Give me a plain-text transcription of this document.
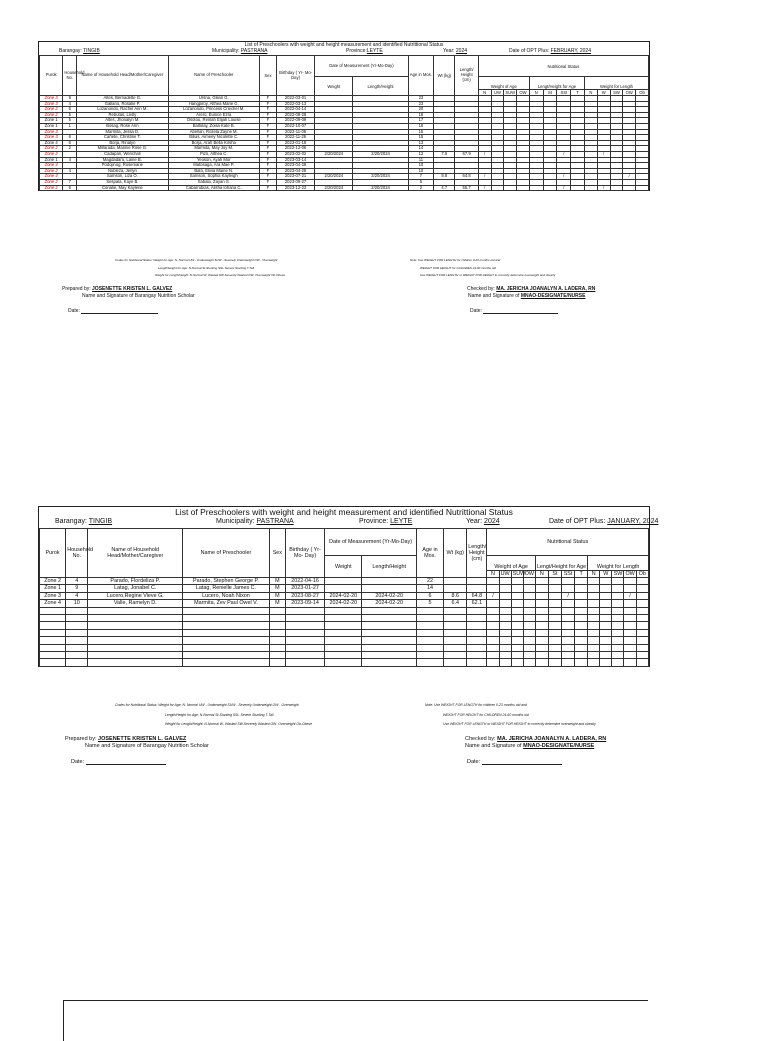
List of Preschoolers with weight and height measurement and identified Nutrittional Status
Barangay: TINGIB	Municipality: PASTRANA	Province:LEYTE	Year: 2024	Date of OPT Plus: FEBRUARY, 2024
Purok	Household No.	Name of Household Head/Mother/Caregiver	Name of Preschooler	Sex	Birthday ( Yr- Mo- Day)	Date of Measurement (Yr-Mo-Day)		Age in Mos.	Wt (kg)	Length/ Height (cm)	Nutritional Status												
						Weight	Length/Height				Weight of Age				Lengt/Height for Age				Weight for Length				
											N	UW	SUW	OW	N	St	SSt	T	N	W	SW	OW	Ob
Zone 3	9	Altes, Bernadette G.	Ursna, Gilian G.	F	2022-03-01			23															
Zone 3	4	Gallano, Rosalie P.	Hangpiroy, Althea Marie G.	F	2022-03-13			23															
Zone 2	6	Lozanondo, Rachel Ann M.	Lozanondo, Princess Criechel M.	F	2022-04-14			20															
Zone 2	5	Rebutas, Lesly	Arero, Eunice Ezra	F	2022-08-28			18															
Zone 1	5	Altes, Jhonalyn M.	Osotou, Renlah Elijah Louise	F	2022-09-09			17															
Zone 1	1	Bosag, Rose Ann	Baltolay, Zoisa Kate B.	F	2022-10-07			16															
Zone 3		Marmita, Jessa D.	Abellan, Rozela Zayne M.	F	2022-11-06			15															
Zone 3	6	Cañete, Christine T.	Bituis, Aimeey Nicolette C.	F	2022-11-26			15															
Zone 4	6	Borja, Rinalyn	Borja, Arah Bella Kirsha	F	2023-01-18			13															
Zone 2	2	Millarada, Mannie Rose G.	Marmita, May Joy M.	F	2022-12-06			14															
Zone 2		Cadapan, Wenchali	Pizo, Althea C.	F	2023-02-02	2/20/2024	2/20/2024	12	7.5	67.9	/						/			/			
Zone 1	4	Magdadaro, Laine B.	Yeoson, Ayah Mor	F	2023-03-14			11															
Zone 4		Podojinog, Rosemarie	Matosaga, Ara Mae P.	F	2023-04-28			10															
Zone 2	4	Nubleza, Jerlyn	Bato, Elivia Maine N.	F	2023-04-28			10															
Zone 4		Samson, Liza O.	Samson, Sophia Kayleigh	F	2023-07-21	2/20/2024	2/20/2024	7	8.8	64.8	/						/					/	
Zone 2	7	Sespala, Kaye B.	Sabala, Zayan S.	F	2023-09-27			5															
Zone 2	6	Conalie, May Kaylene	Cabarrubias, Alisha Iohana C.	F	2023-12-23	2/20/2024	2/20/2024	2	4.7	55.7	/						/			/			
Codes for Nutritional Status: Weight for Age: N- Normal UW - Underweight SUW - Severely Underweight OW - Overweight
Length/Height for Age: N-Normal St-Stunting SSt- Severe Stunting T-Tall
Weight for Length/Height: N-Normal W- Wasted SW-Severely Wasted OW- Overweight Ob-Obese
Note: Use WEIGHT FOR LENGTH for children 0-23 months old and
WEIGHT FOR HEIGHT for CHILDREN 24-60 months old
Use WEIGHT FOR LENGTH or WEIGHT FOR HEIGHT to correctly determine overweight and obesity
Prepared by: JOSENETTE KRISTEN L. GALVEZ
Name and Signature of Barangay Nutrition Scholar
Date:
Checked by: MA. JERICHA JOANALYN A. LADERA, RN
Name and Signature of MNAO-DESIGNATE/NURSE
Date:
List of Preschoolers with weight and height measurement and identified Nutrittional Status
Barangay: TINGIB	Municipality: PASTRANA	Province: LEYTE	Year: 2024	Date of OPT Plus: JANUARY, 2024
Purok	Household No.	Name of Household Head/Mother/Caregiver	Name of Preschooler	Sex	Birthday ( Yr- Mo- Day)	Date of Measurement (Yr-Mo-Day)		Age in Mos.	Wt (kg)	Length/ Height (cm)	Nutritional Status												
						Weight	Length/Height				Weight of Age				Lengt/Height for Age				Weight for Length				
											N	UW	SUW	OW	N	St	SSt	T	N	W	SW	OW	Ob
Zone 2	4	Parado, Flordeliza P.	Parado, Stephen George P.	M	2022-04-16			22															
Zone 1	9	Latag, Jonabel C.	Latag, Renielle James C.	M	2023-01-27			14															
Zone 3	4	Lucero,Regine Vieve G.	Lucero, Noah Nixon	M	2023-08-27	2024-02-20	2024-02-20	6	8.6	64.8	/						/					/	
Zone 4	10	Valle, Ramelyn D.	Marmita, Zev Paul Owel V.	M	2023-09-14	2024-02-20	2024-02-20	5	6.4	62.1													

Codes for Nutritional Status: Weight for Age: N- Normal UW - Underweight SUW - Severely Underweight OW - Overweight
Length/Height for Age: N-Normal St-Stunting SSt- Severe Stunting T-Tall
Weight for Length/Height: N-Normal W- Wasted SW-Severely Wasted OW- Overweight Ob-Obese
Note: Use WEIGHT FOR LENGTH for children 0-23 months old and
WEIGHT FOR HEIGHT for CHILDREN 24-60 months old
Use WEIGHT FOR LENGTH or WEIGHT FOR HEIGHT to correctly determine overweight and obesity
Prepared by: JOSENETTE KRISTEN L. GALVEZ
Name and Signature of Barangay Nutrition Scholar
Date:
Checked by: MA. JERICHA JOANALYN A. LADERA, RN
Name and Signature of MNAO-DESIGNATE/NURSE
Date:
